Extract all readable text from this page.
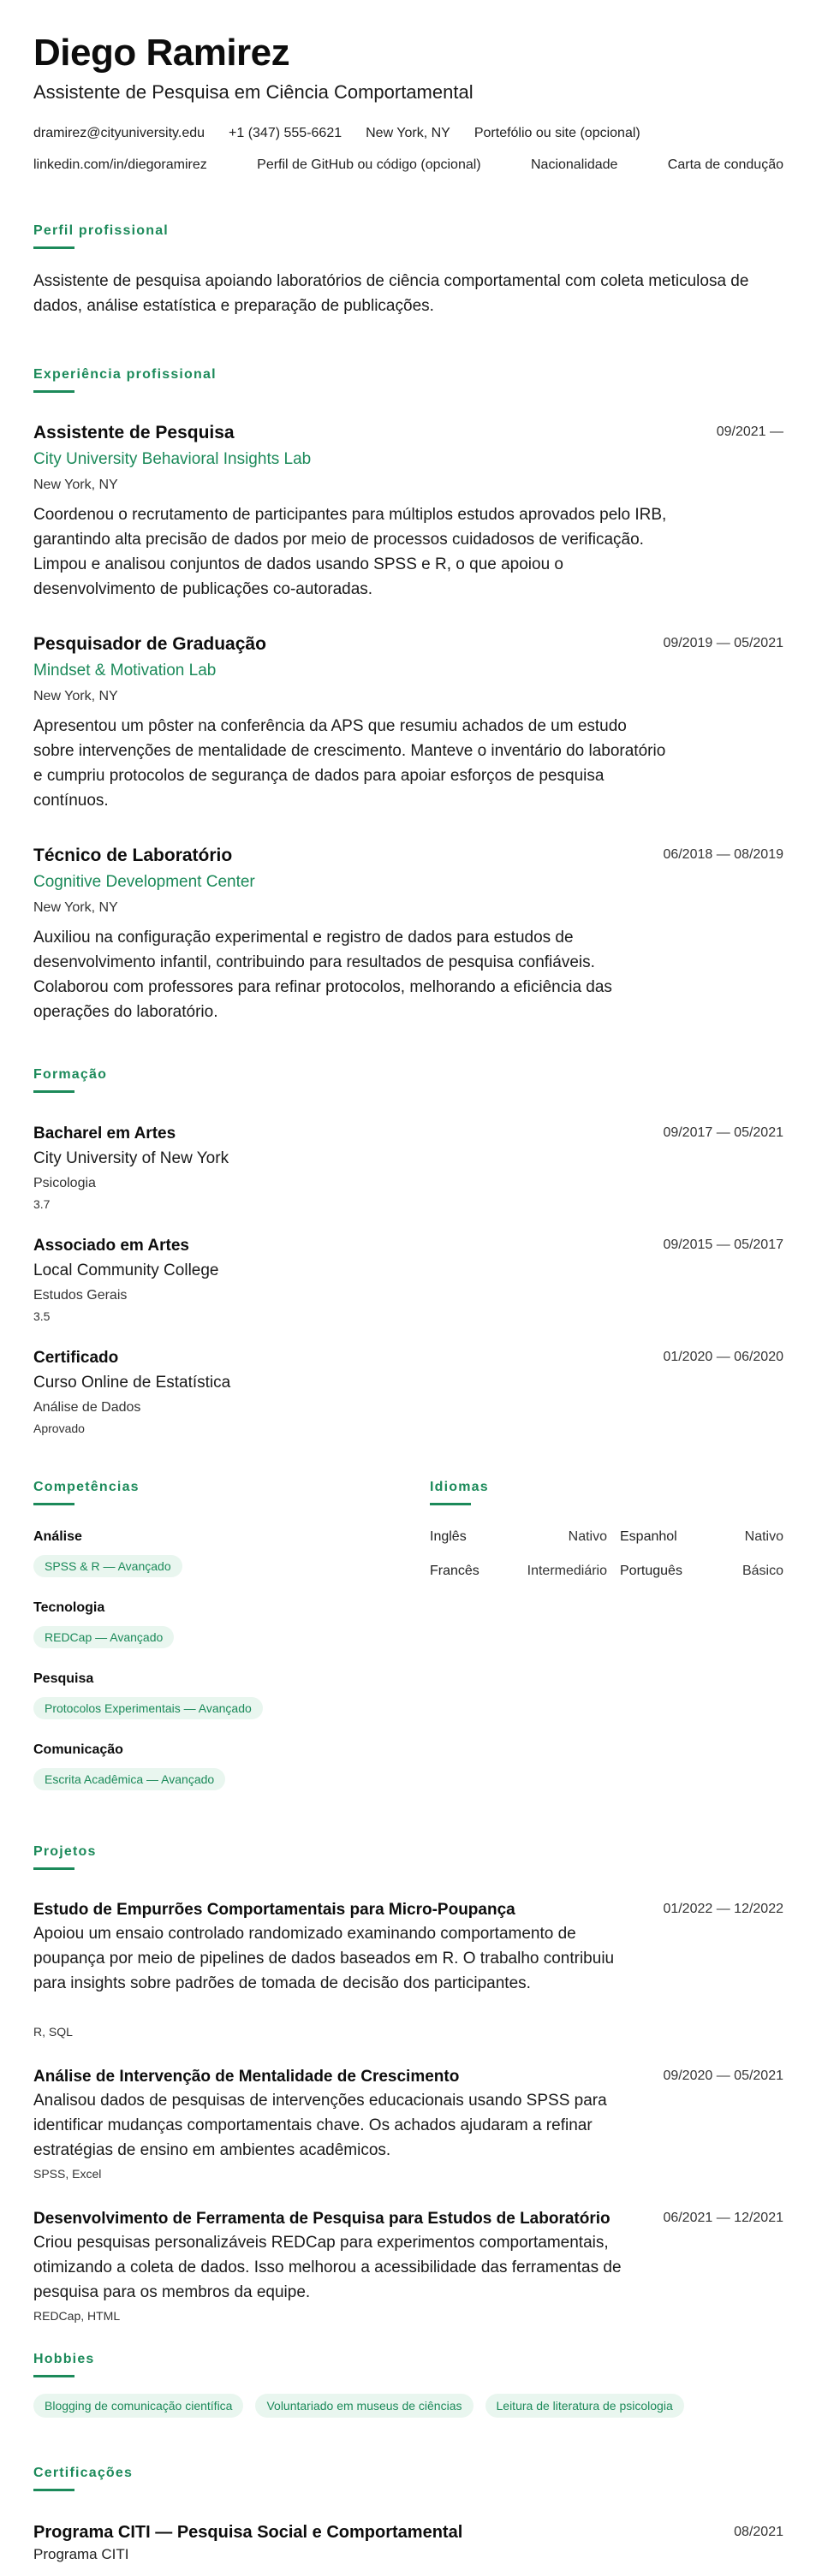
Diego Ramirez
Assistente de Pesquisa em Ciência Comportamental
dramirez@cityuniversity.edu +1 (347) 555-6621 New York, NY Portefólio ou site (opcional)
linkedin.com/in/diegoramirez	Perfil de GitHub ou código (opcional)	Nacionalidade	Carta de condução
Perfil profissional
Assistente de pesquisa apoiando laboratórios de ciência comportamental com coleta meticulosa de dados, análise estatística e preparação de publicações.
Experiência profissional
Assistente de Pesquisa	09/2021 —
City University Behavioral Insights Lab
New York, NY
Coordenou o recrutamento de participantes para múltiplos estudos aprovados pelo IRB, garantindo alta precisão de dados por meio de processos cuidadosos de verificação. Limpou e analisou conjuntos de dados usando SPSS e R, o que apoiou o desenvolvimento de publicações co-autoradas.
Pesquisador de Graduação	09/2019 — 05/2021
Mindset & Motivation Lab
New York, NY
Apresentou um pôster na conferência da APS que resumiu achados de um estudo sobre intervenções de mentalidade de crescimento. Manteve o inventário do laboratório e cumpriu protocolos de segurança de dados para apoiar esforços de pesquisa contínuos.
Técnico de Laboratório	06/2018 — 08/2019
Cognitive Development Center
New York, NY
Auxiliou na configuração experimental e registro de dados para estudos de desenvolvimento infantil, contribuindo para resultados de pesquisa confiáveis. Colaborou com professores para refinar protocolos, melhorando a eficiência das operações do laboratório.
Formação
Bacharel em Artes	09/2017 — 05/2021
City University of New York
Psicologia
3.7
Associado em Artes	09/2015 — 05/2017
Local Community College
Estudos Gerais
3.5
Certificado	01/2020 — 06/2020
Curso Online de Estatística
Análise de Dados
Aprovado
Competências
Análise
SPSS & R — Avançado
Tecnologia
REDCap — Avançado
Pesquisa
Protocolos Experimentais — Avançado
Comunicação
Escrita Acadêmica — Avançado
Idiomas
Inglês	Nativo Espanhol	Nativo
Francês	Intermediário Português	Básico
Projetos
Estudo de Empurrões Comportamentais para Micro-Poupança	01/2022 — 12/2022
Apoiou um ensaio controlado randomizado examinando comportamento de poupança por meio de pipelines de dados baseados em R. O trabalho contribuiu para insights sobre padrões de tomada de decisão dos participantes.
R, SQL
Análise de Intervenção de Mentalidade de Crescimento	09/2020 — 05/2021
Analisou dados de pesquisas de intervenções educacionais usando SPSS para identificar mudanças comportamentais chave. Os achados ajudaram a refinar estratégias de ensino em ambientes acadêmicos.
SPSS, Excel
Desenvolvimento de Ferramenta de Pesquisa para Estudos de Laboratório	06/2021 — 12/2021
Criou pesquisas personalizáveis REDCap para experimentos comportamentais, otimizando a coleta de dados. Isso melhorou a acessibilidade das ferramentas de pesquisa para os membros da equipe.
REDCap, HTML
Hobbies
Blogging de comunicação científica	Voluntariado em museus de ciências	Leitura de literatura de psicologia
Certificações
Programa CITI — Pesquisa Social e Comportamental	08/2021
Programa CITI
